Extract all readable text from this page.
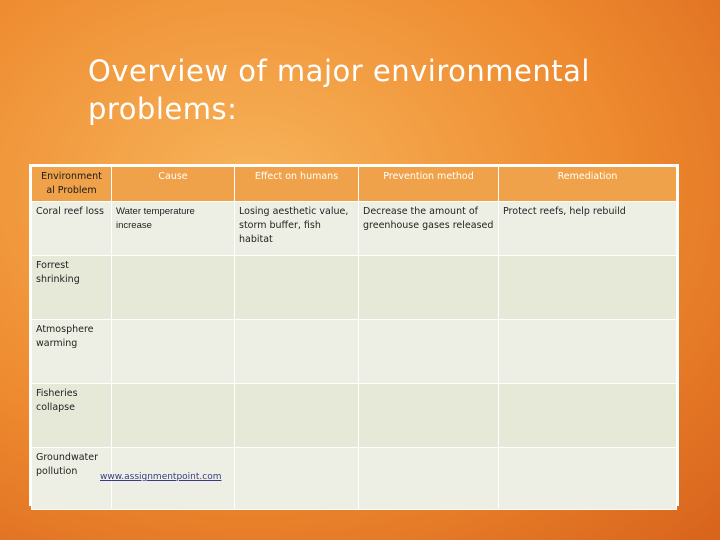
Overview of major environmental problems:
Environment al Problem	Cause	Effect on humans	Prevention method	Remediation
Coral reef loss	Water temperature increase	Losing aesthetic value, storm buffer, fish habitat	Decrease the amount of greenhouse gases released	Protect reefs, help rebuild
Forrest shrinking				
Atmosphere warming				
Fisheries collapse				
Groundwater pollution					www.assignmentpoint.com
